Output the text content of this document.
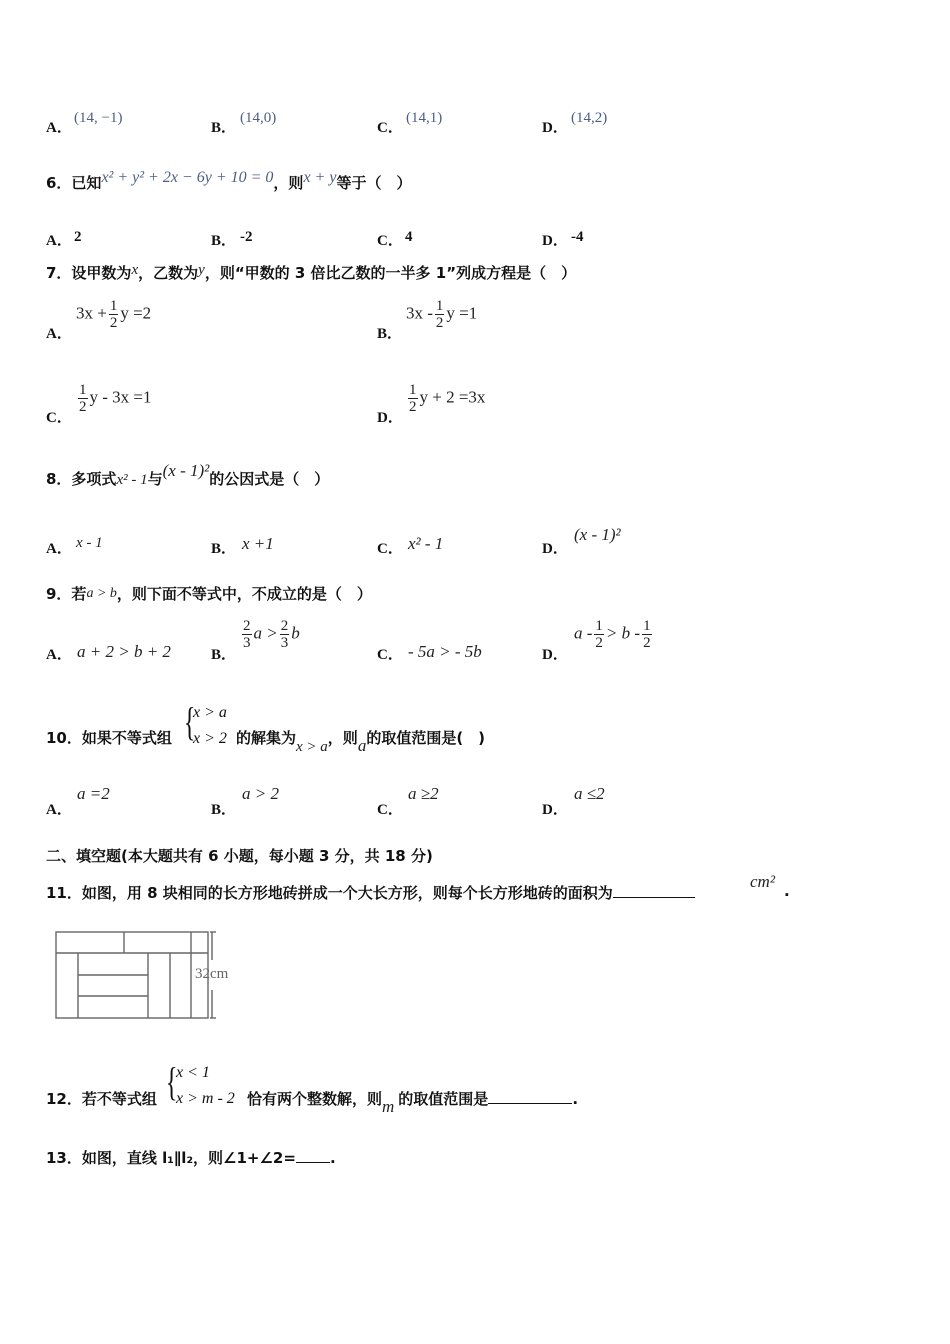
A．
(14, −1)
B．
(14,0)
C．
(14,1)
D．
(14,2)
6．已知x² + y² + 2x − 6y + 10 = 0，则x + y等于（　）
A． 2	B． -2	C． 4	D． -4
7．设甲数为x，乙数为y，则“甲数的 3 倍比乙数的一半多 1”列成方程是（　）
A．
$3x + \frac{1}{2}$ y =2
B．
$3x - \frac{1}{2}$ y =1
C．
$\frac{1}{2}$ y - 3x =1
D．
$\frac{1}{2}$ y + 2 =3x
8．多项式x² - 1与(x - 1)²的公因式是（　）
A． x - 1	B． x +1	C． x² - 1	D．
(x - 1)²
9．若a > b，则下面不等式中，不成立的是（　）
A． a + 2 > b + 2	B．
$\frac{2}{3}$ $a > \frac{2}{3}$ b
C． - 5a > - 5b	D．
$a - \frac{1}{2} > b - \frac{1}{2}$
10．如果不等式组 {
x > a
x > 2 的解集为x > a，则a的取值范围是(　)
A．
a =2
B．
a > 2
C．
a ≥2
D．
a ≤2
二、填空题(本大题共有 6 小题，每小题 3 分，共 18 分)
11．如图，用 8 块相同的长方形地砖拼成一个大长方形，则每个长方形地砖的面积为
cm² .
32cm
12．若不等式组 {
x < 1
x > m - 2 恰有两个整数解，则m 的取值范围是	.
13．如图，直线 l₁∥l₂，则∠1+∠2= .
